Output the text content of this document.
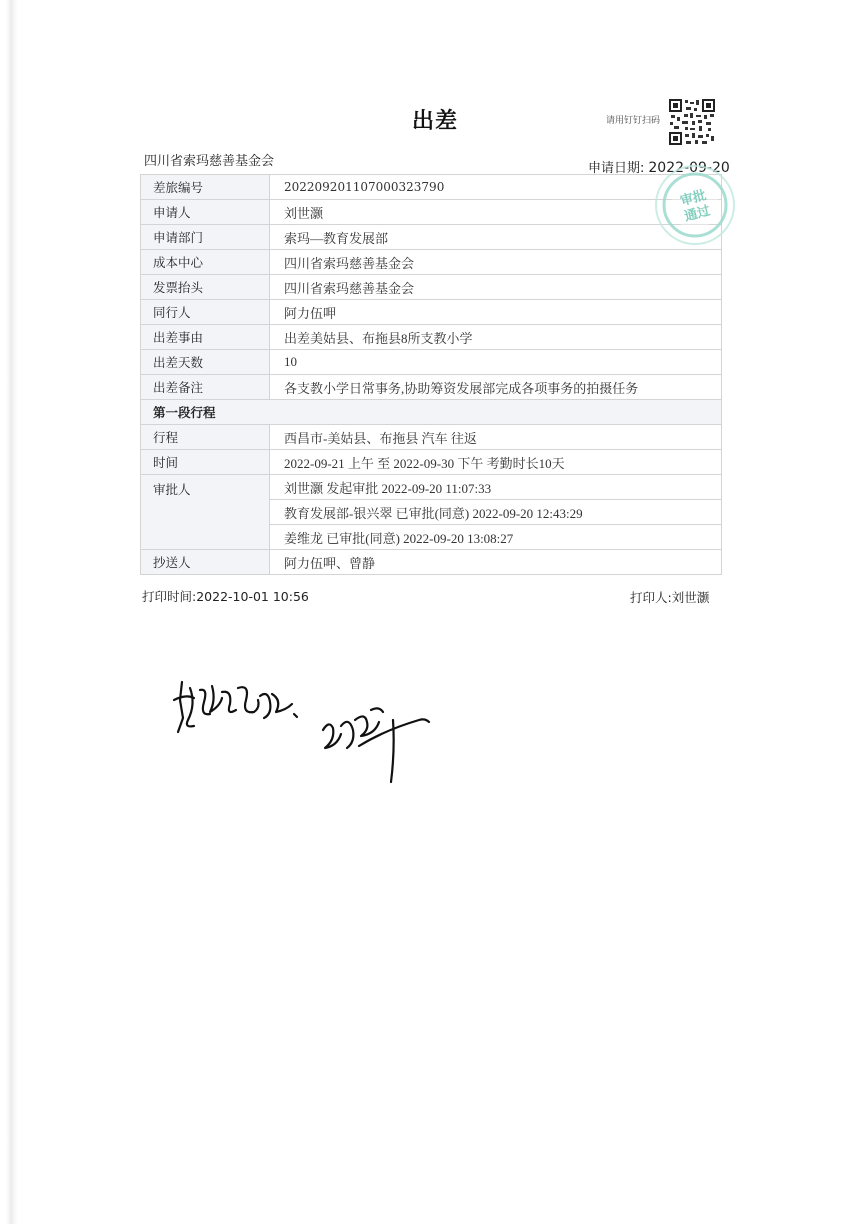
出差	请用钉钉扫码
四川省索玛慈善基金会	申请日期: 2022-09-20
差旅编号	202209201107000323790
申请人	刘世灏
申请部门	索玛—教育发展部
成本中心	四川省索玛慈善基金会
发票抬头	四川省索玛慈善基金会
同行人	阿力伍呷
出差事由	出差美姑县、布拖县8所支教小学
出差天数	10
出差备注	各支教小学日常事务,协助筹资发展部完成各项事务的拍摄任务
第一段行程	
行程	西昌市-美姑县、布拖县 汽车 往返
时间	2022-09-21 上午 至 2022-09-30 下午 考勤时长10天
审批人	刘世灏 发起审批 2022-09-20 11:07:33
	教育发展部-银兴翠 已审批(同意) 2022-09-20 12:43:29
	姜维龙 已审批(同意) 2022-09-20 13:08:27
抄送人	阿力伍呷、曾静
审批
通过
打印时间:2022-10-01 10:56	打印人:刘世灏
